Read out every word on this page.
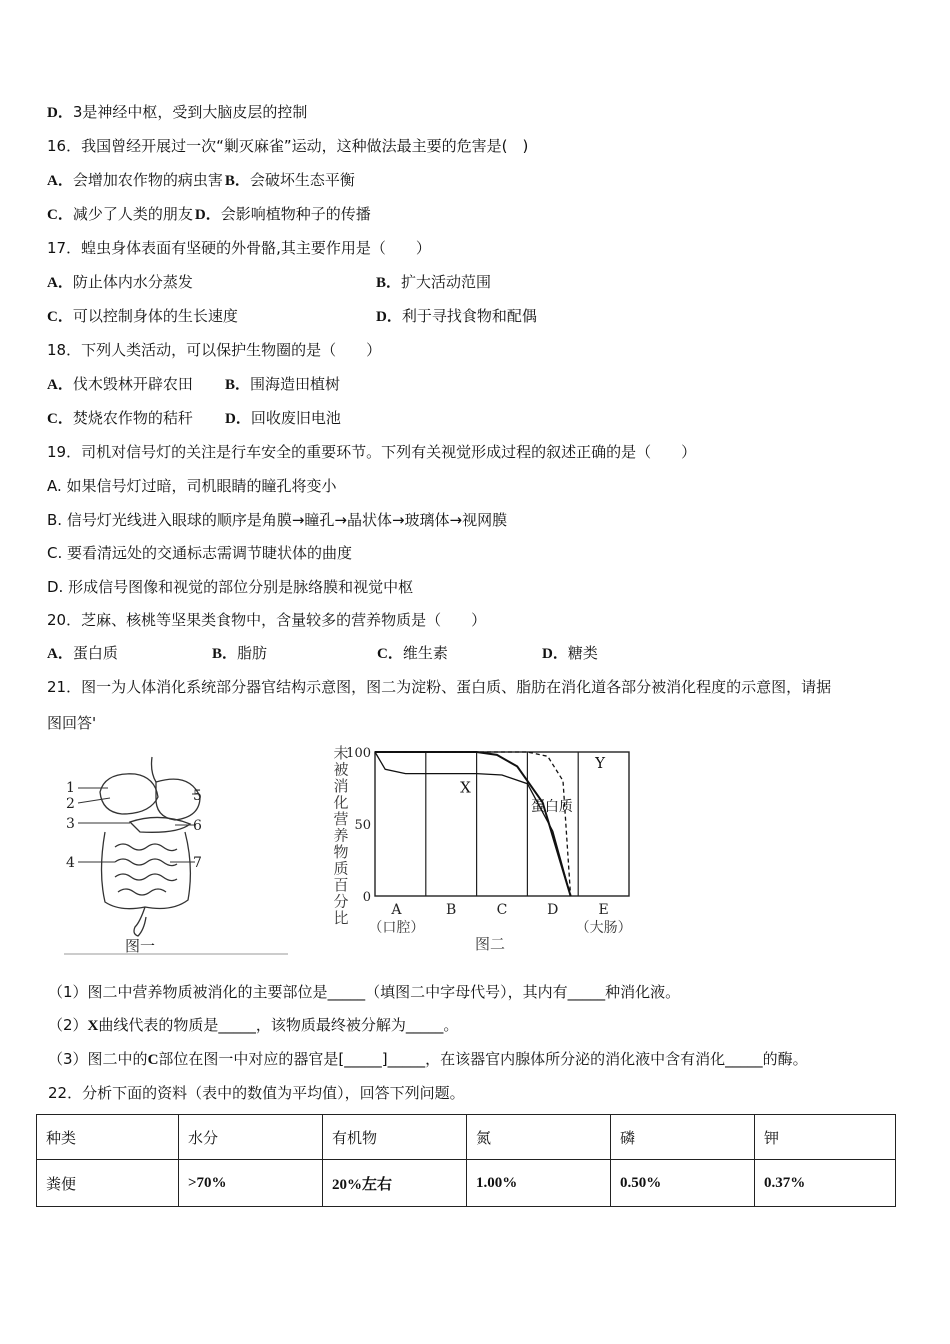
D．3是神经中枢，受到大脑皮层的控制
16．我国曾经开展过一次“剿灭麻雀”运动，这种做法最主要的危害是(　)
A．会增加农作物的病虫害 B．会破坏生态平衡
C．减少了人类的朋友 D．会影响植物种子的传播
17．蝗虫身体表面有坚硬的外骨骼,其主要作用是（　　）
A．防止体内水分蒸发	B．扩大活动范围
C．可以控制身体的生长速度	D．利于寻找食物和配偶
18．下列人类活动，可以保护生物圈的是（　　）
A．伐木毁林开辟农田 B．围海造田植树
C．焚烧农作物的秸秆 D．回收废旧电池
19．司机对信号灯的关注是行车安全的重要环节。下列有关视觉形成过程的叙述正确的是（　　）
A. 如果信号灯过暗，司机眼睛的瞳孔将变小
B. 信号灯光线进入眼球的顺序是角膜→瞳孔→晶状体→玻璃体→视网膜
C. 要看清远处的交通标志需调节睫状体的曲度
D. 形成信号图像和视觉的部位分别是脉络膜和视觉中枢
20．芝麻、核桃等坚果类食物中，含量较多的营养物质是（　　）
A．蛋白质	B．脂肪	C．维生素	D．糖类
21．图一为人体消化系统部分器官结构示意图，图二为淀粉、蛋白质、脂肪在消化道各部分被消化程度的示意图，请据
图回答'
1
2
3
4
5
6
7
图一
未
被
消
化
营
养
物
质
百
分
比
100
50
0
A
（口腔）
B	C	D	E
（大肠）
X
蛋白质
Y
图二
（1）图二中营养物质被消化的主要部位是_____（填图二中字母代号），其内有_____种消化液。
（2）X曲线代表的物质是_____，该物质最终被分解为_____。
（3）图二中的C部位在图一中对应的器官是[_____]_____，在该器官内腺体所分泌的消化液中含有消化_____的酶。
22．分析下面的资料（表中的数值为平均值），回答下列问题。
种类	水分	有机物	氮	磷	钾
粪便	>70%	20%左右	1.00%	0.50%	0.37%
